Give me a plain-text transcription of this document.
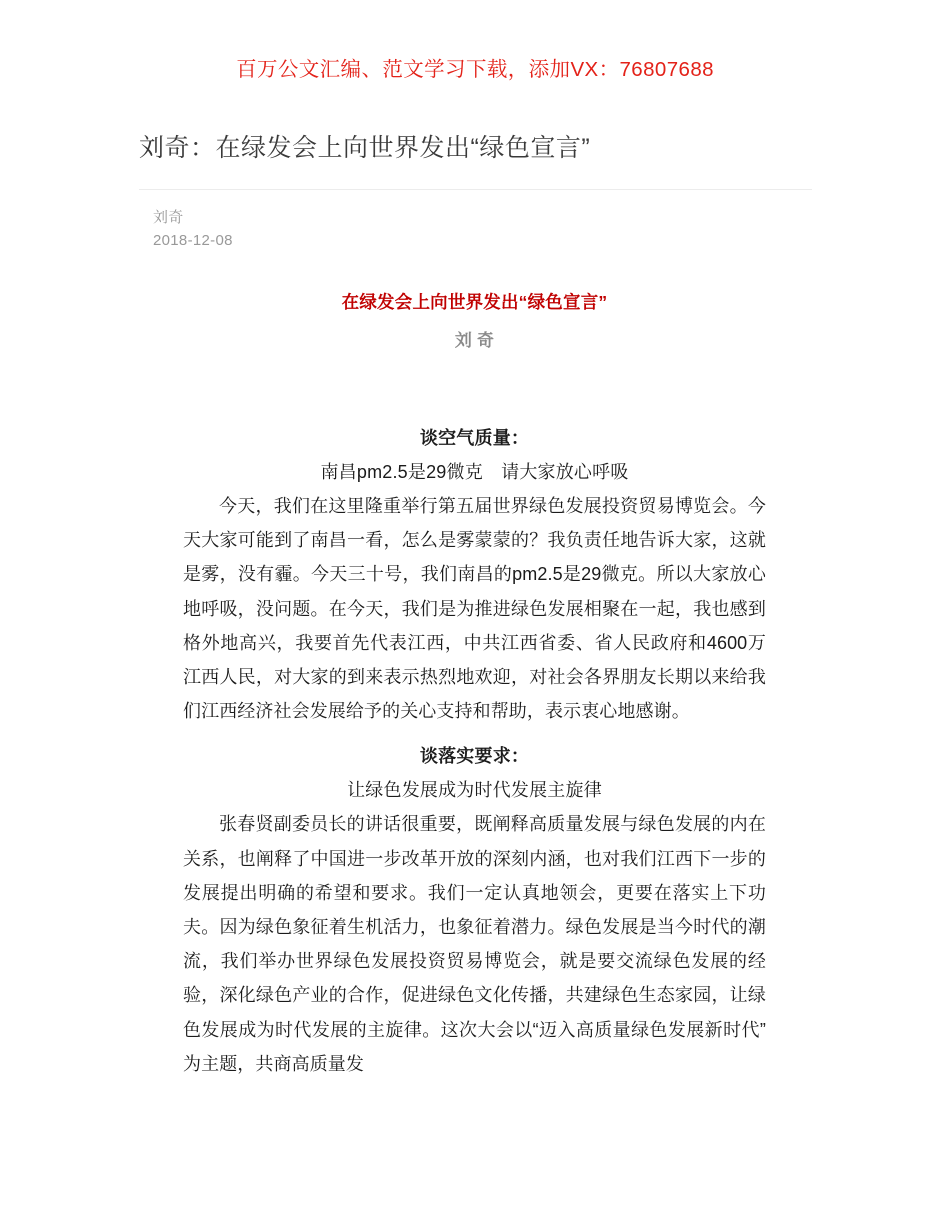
百万公文汇编、范文学习下载，添加VX：76807688
刘奇：在绿发会上向世界发出“绿色宣言”
刘奇
2018-12-08
在绿发会上向世界发出“绿色宣言”
刘 奇
谈空气质量：
南昌pm2.5是29微克　请大家放心呼吸

今天，我们在这里隆重举行第五届世界绿色发展投资贸易博览会。今天大家可能到了南昌一看，怎么是雾蒙蒙的？我负责任地告诉大家，这就是雾，没有霾。今天三十号，我们南昌的pm2.5是29微克。所以大家放心地呼吸，没问题。在今天，我们是为推进绿色发展相聚在一起，我也感到格外地高兴，我要首先代表江西，中共江西省委、省人民政府和4600万江西人民，对大家的到来表示热烈地欢迎，对社会各界朋友长期以来给我们江西经济社会发展给予的关心支持和帮助，表示衷心地感谢。

谈落实要求：
让绿色发展成为时代发展主旋律

张春贤副委员长的讲话很重要，既阐释高质量发展与绿色发展的内在关系，也阐释了中国进一步改革开放的深刻内涵，也对我们江西下一步的发展提出明确的希望和要求。我们一定认真地领会，更要在落实上下功夫。因为绿色象征着生机活力，也象征着潜力。绿色发展是当今时代的潮流，我们举办世界绿色发展投资贸易博览会，就是要交流绿色发展的经验，深化绿色产业的合作，促进绿色文化传播，共建绿色生态家园，让绿色发展成为时代发展的主旋律。这次大会以“迈入高质量绿色发展新时代”为主题，共商高质量发
